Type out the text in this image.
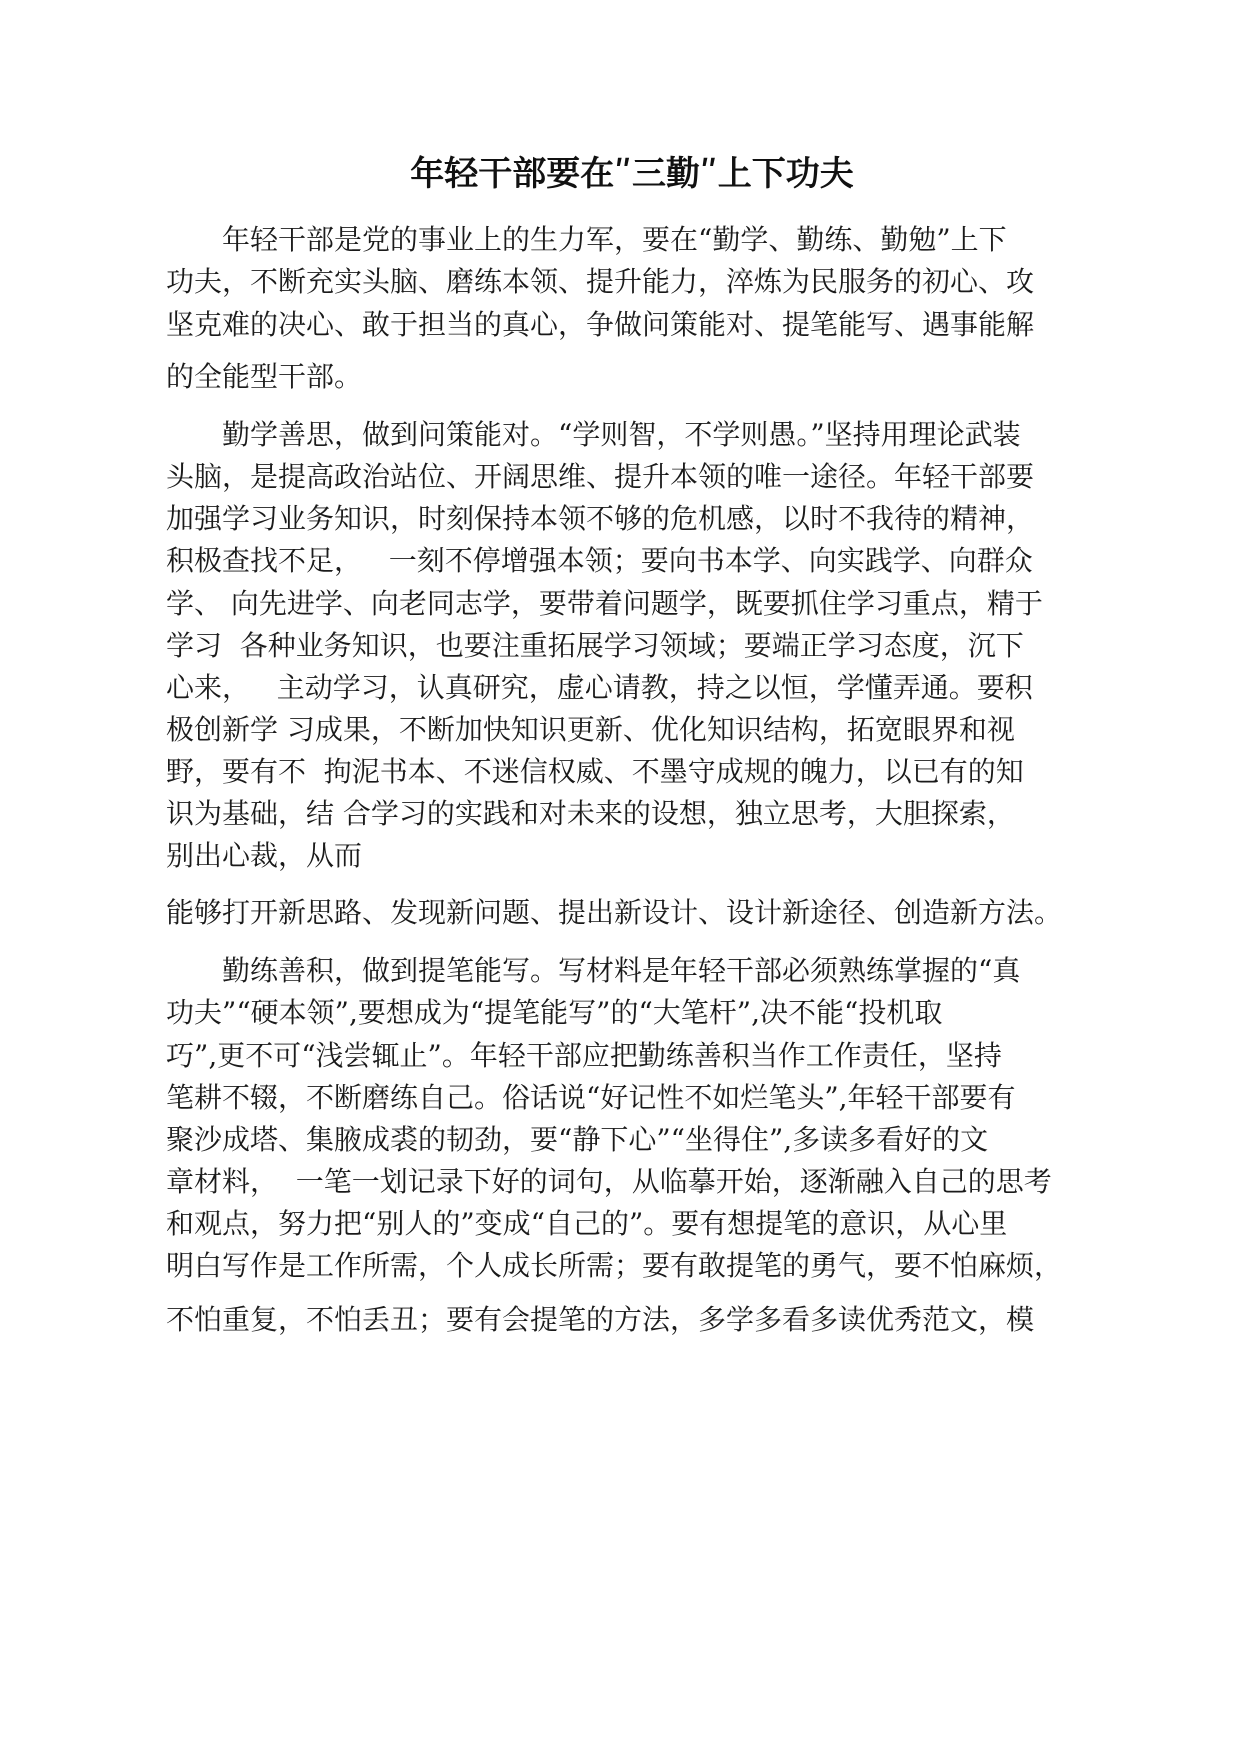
年轻干部要在ʺ三勤ʺ上下功夫

年轻干部是党的事业上的生力军，要在“勤学、勤练、勤勉”上下

功夫，不断充实头脑、磨练本领、提升能力，淬炼为民服务的初心、攻

坚克难的决心、敢于担当的真心，争做问策能对、提笔能写、遇事能解

的全能型干部。

勤学善思，做到问策能对。“学则智，不学则愚。”坚持用理论武装

头脑，是提高政治站位、开阔思维、提升本领的唯一途径。年轻干部要

加强学习业务知识，时刻保持本领不够的危机感，以时不我待的精神，

积极查找不足，   一刻不停增强本领；要向书本学、向实践学、向群众

学、 向先进学、向老同志学，要带着问题学，既要抓住学习重点，精于

学习  各种业务知识，也要注重拓展学习领域；要端正学习态度，沉下

心来，   主动学习，认真研究，虚心请教，持之以恒，学懂弄通。要积

极创新学 习成果，不断加快知识更新、优化知识结构，拓宽眼界和视

野，要有不  拘泥书本、不迷信权威、不墨守成规的魄力，以已有的知

识为基础，结 合学习的实践和对未来的设想，独立思考，大胆探索，

别出心裁，从而

能够打开新思路、发现新问题、提出新设计、设计新途径、创造新方法。

勤练善积，做到提笔能写。写材料是年轻干部必须熟练掌握的“真

功夫”“硬本领”,要想成为“提笔能写”的“大笔杆”,决不能“投机取

巧”,更不可“浅尝辄止”。年轻干部应把勤练善积当作工作责任，坚持

笔耕不辍，不断磨练自己。俗话说“好记性不如烂笔头”,年轻干部要有

聚沙成塔、集腋成裘的韧劲，要“静下心”“坐得住”,多读多看好的文

章材料，  一笔一划记录下好的词句，从临摹开始，逐渐融入自己的思考

和观点，努力把“别人的”变成“自己的”。要有想提笔的意识，从心里

明白写作是工作所需，个人成长所需；要有敢提笔的勇气，要不怕麻烦，

不怕重复，不怕丢丑；要有会提笔的方法，多学多看多读优秀范文，模
